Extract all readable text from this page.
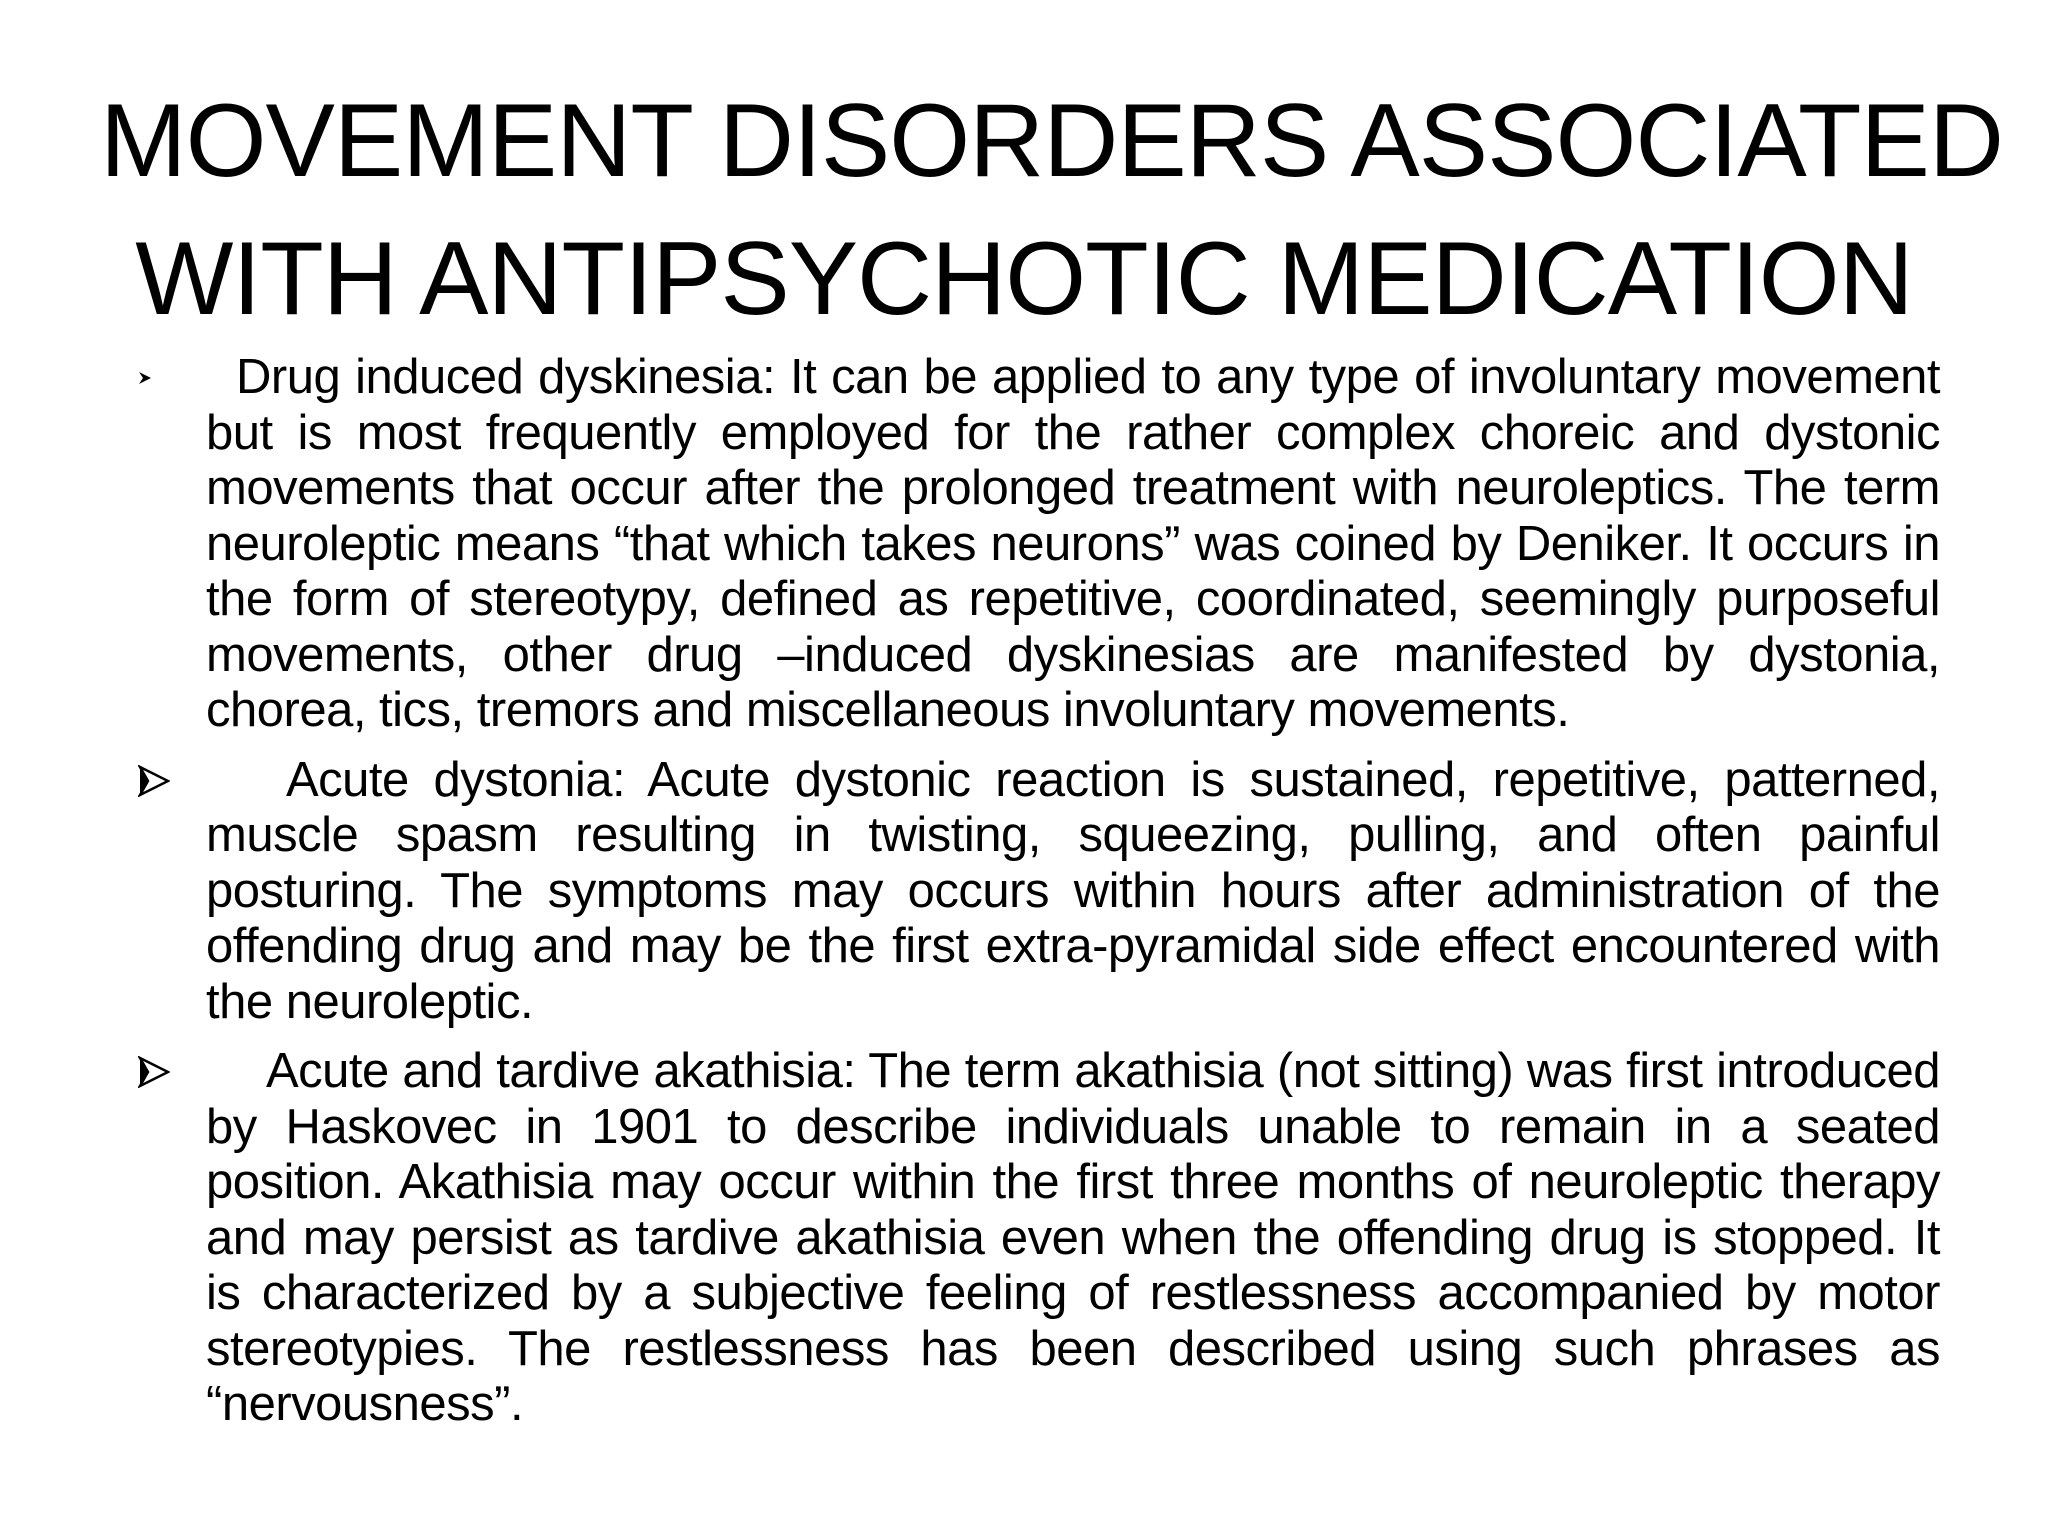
MOVEMENT DISORDERS ASSOCIATED
WITH ANTIPSYCHOTIC MEDICATION
Drug induced dyskinesia: It can be applied to any type of involuntary movement but is most frequently employed for the rather complex choreic and dystonic movements that occur after the prolonged treatment with neuroleptics. The term neuroleptic means “that which takes neurons” was coined by Deniker. It occurs in the form of stereotypy, defined as repetitive, coordinated, seemingly purposeful movements, other drug –induced dyskinesias are manifested by dystonia, chorea, tics, tremors and miscellaneous involuntary movements.
Acute dystonia: Acute dystonic reaction is sustained, repetitive, patterned, muscle spasm resulting in twisting, squeezing, pulling, and often painful posturing. The symptoms may occurs within hours after administration of the offending drug and may be the first extra-pyramidal side effect encountered with the neuroleptic.
Acute and tardive akathisia: The term akathisia (not sitting) was first introduced by Haskovec in 1901 to describe individuals unable to remain in a seated position. Akathisia may occur within the first three months of neuroleptic therapy and may persist as tardive akathisia even when the offending drug is stopped. It is characterized by a subjective feeling of restlessness accompanied by motor stereotypies. The restlessness has been described using such phrases as “nervousness”.
